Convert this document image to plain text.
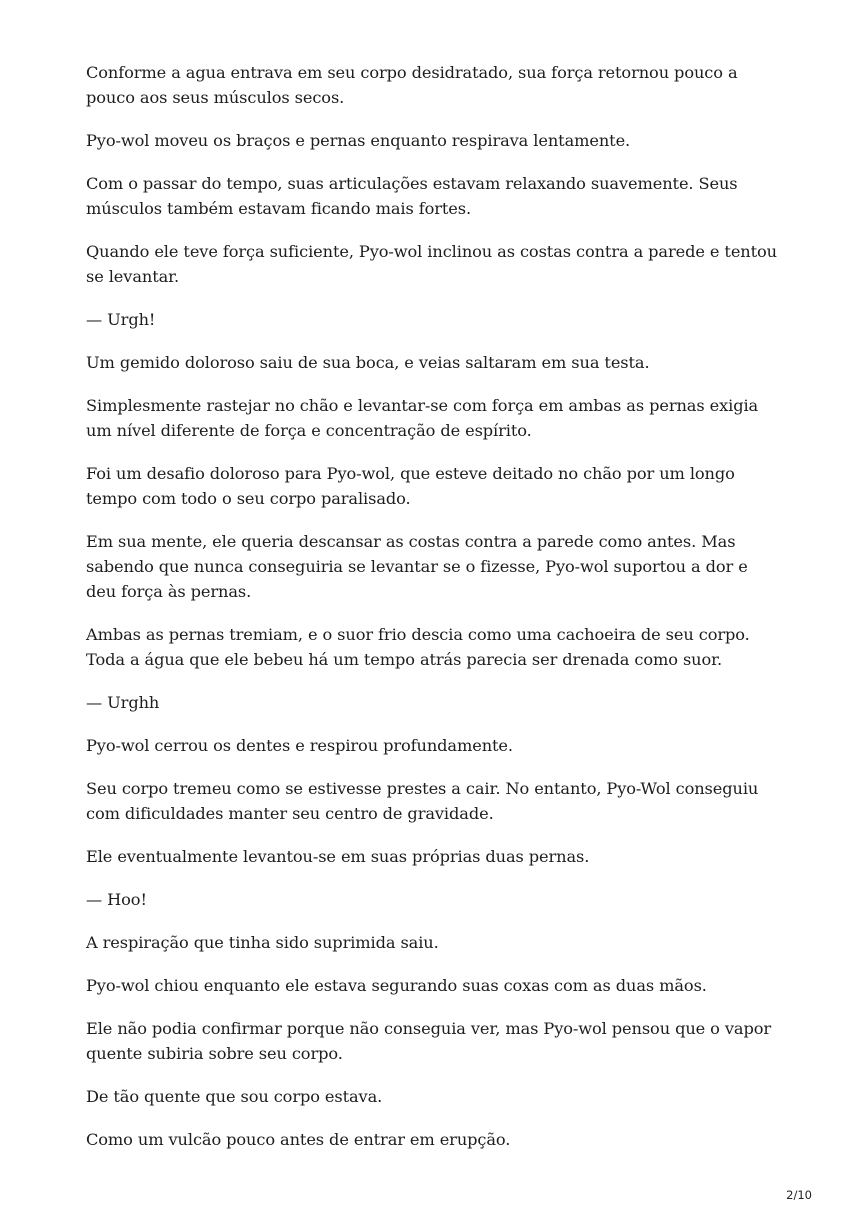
Conforme a agua entrava em seu corpo desidratado, sua força retornou pouco a pouco aos seus músculos secos.

Pyo-wol moveu os braços e pernas enquanto respirava lentamente.

Com o passar do tempo, suas articulações estavam relaxando suavemente. Seus músculos também estavam ficando mais fortes.

Quando ele teve força suficiente, Pyo-wol inclinou as costas contra a parede e tentou se levantar.

— Urgh!

Um gemido doloroso saiu de sua boca, e veias saltaram em sua testa.

Simplesmente rastejar no chão e levantar-se com força em ambas as pernas exigia um nível diferente de força e concentração de espírito.

Foi um desafio doloroso para Pyo-wol, que esteve deitado no chão por um longo tempo com todo o seu corpo paralisado.

Em sua mente, ele queria descansar as costas contra a parede como antes. Mas sabendo que nunca conseguiria se levantar se o fizesse, Pyo-wol suportou a dor e deu força às pernas.

Ambas as pernas tremiam, e o suor frio descia como uma cachoeira de seu corpo. Toda a água que ele bebeu há um tempo atrás parecia ser drenada como suor.

— Urghh

Pyo-wol cerrou os dentes e respirou profundamente.

Seu corpo tremeu como se estivesse prestes a cair. No entanto, Pyo-Wol conseguiu com dificuldades manter seu centro de gravidade.

Ele eventualmente levantou-se em suas próprias duas pernas.

— Hoo!

A respiração que tinha sido suprimida saiu.

Pyo-wol chiou enquanto ele estava segurando suas coxas com as duas mãos.

Ele não podia confirmar porque não conseguia ver, mas Pyo-wol pensou que o vapor quente subiria sobre seu corpo.

De tão quente que sou corpo estava.

Como um vulcão pouco antes de entrar em erupção.

2/10
